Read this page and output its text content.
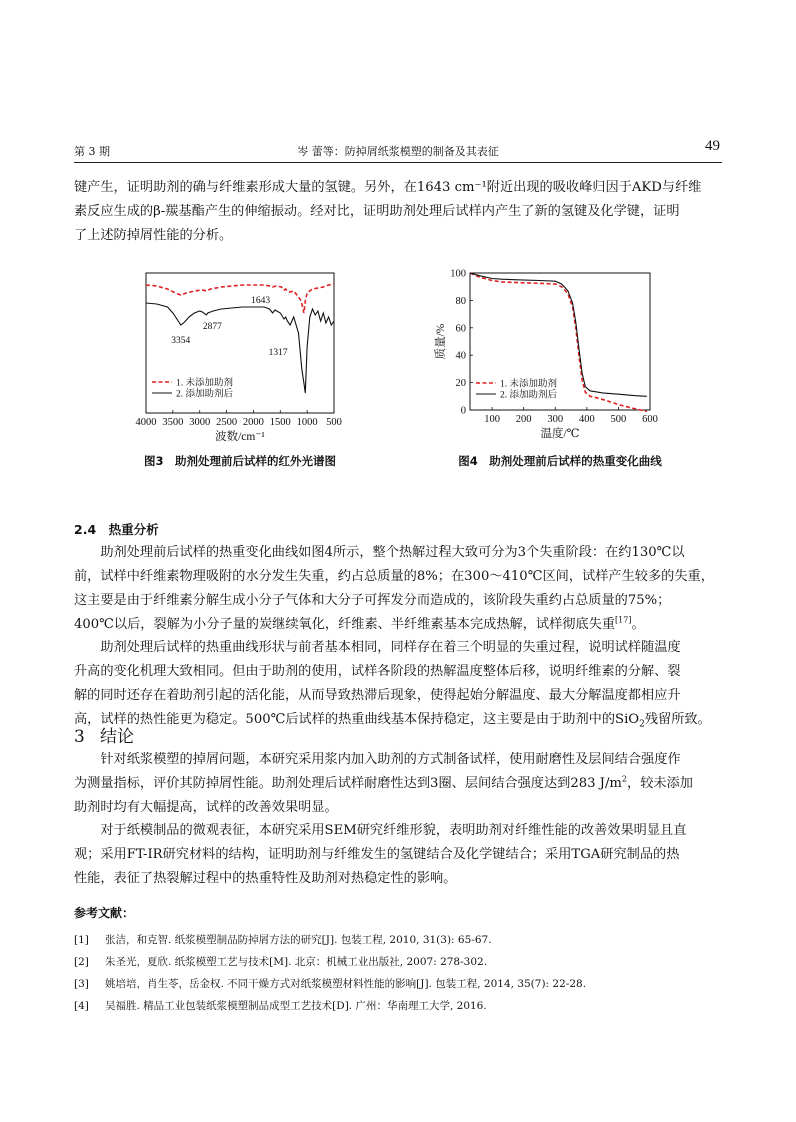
第 3 期	岑 蕾等：防掉屑纸浆模塑的制备及其表征	49
键产生，证明助剂的确与纤维素形成大量的氢键。另外，在1643 cm⁻¹附近出现的吸收峰归因于AKD与纤维
素反应生成的β-羰基酯产生的伸缩振动。经对比，证明助剂处理后试样内产生了新的氢键及化学键，证明
了上述防掉屑性能的分析。
4000 3500 3000 2500 2000 1500 1000 500
波数/cm⁻¹
1. 未添加助剂
2. 添加助剂后
3354
2877
1643
1317
图3　助剂处理前后试样的红外光谱图
100 200 300 400 500 600
0
20
40
60
80
100
温度/℃
质量/%
1. 未添加助剂
2. 添加助剂后
图4　助剂处理前后试样的热重变化曲线
2.4　热重分析
　　助剂处理前后试样的热重变化曲线如图4所示，整个热解过程大致可分为3个失重阶段：在约130℃以
前，试样中纤维素物理吸附的水分发生失重，约占总质量的8%；在300～410℃区间，试样产生较多的失重，
这主要是由于纤维素分解生成小分子气体和大分子可挥发分而造成的，该阶段失重约占总质量的75%；
400℃以后，裂解为小分子量的炭继续氧化，纤维素、半纤维素基本完成热解，试样彻底失重[17]。
　　助剂处理后试样的热重曲线形状与前者基本相同，同样存在着三个明显的失重过程，说明试样随温度
升高的变化机理大致相同。但由于助剂的使用，试样各阶段的热解温度整体后移，说明纤维素的分解、裂
解的同时还存在着助剂引起的活化能，从而导致热滞后现象，使得起始分解温度、最大分解温度都相应升
高，试样的热性能更为稳定。500℃后试样的热重曲线基本保持稳定，这主要是由于助剂中的SiO$_2$残留所致。
3 结论
　　针对纸浆模塑的掉屑问题，本研究采用浆内加入助剂的方式制备试样，使用耐磨性及层间结合强度作
为测量指标，评价其防掉屑性能。助剂处理后试样耐磨性达到3圈、层间结合强度达到283 $J/m^2$，较未添加
助剂时均有大幅提高，试样的改善效果明显。
　　对于纸模制品的微观表征，本研究采用SEM研究纤维形貌，表明助剂对纤维性能的改善效果明显且直
观；采用FT-IR研究材料的结构，证明助剂与纤维发生的氢键结合及化学键结合；采用TGA研究制品的热
性能，表征了热裂解过程中的热重特性及助剂对热稳定性的影响。
参考文献：
[1] 张洁，和克智. 纸浆模塑制品防掉屑方法的研究[J]. 包装工程, 2010, 31(3): 65-67.
[2] 朱圣光，夏欣. 纸浆模塑工艺与技术[M]. 北京：机械工业出版社, 2007: 278-302.
[3] 姚培培，肖生苓，岳金权. 不同干燥方式对纸浆模塑材料性能的影响[J]. 包装工程, 2014, 35(7): 22-28.
[4] 吴福胜. 精品工业包装纸浆模塑制品成型工艺技术[D]. 广州：华南理工大学, 2016.
